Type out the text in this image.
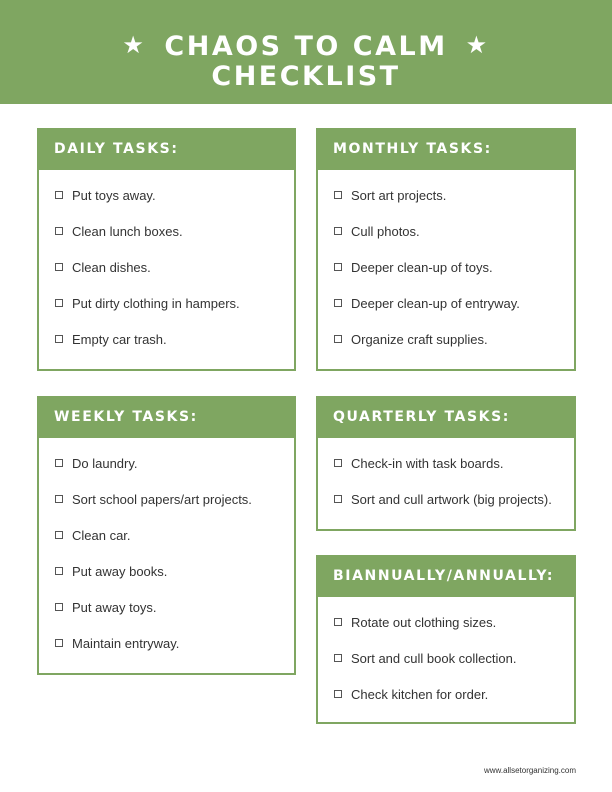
★ CHAOS TO CALM ★
CHECKLIST
DAILY TASKS:
Put toys away.
Clean lunch boxes.
Clean dishes.
Put dirty clothing in hampers.
Empty car trash.
MONTHLY TASKS:
Sort art projects.
Cull photos.
Deeper clean-up of toys.
Deeper clean-up of entryway.
Organize craft supplies.
WEEKLY TASKS:
Do laundry.
Sort school papers/art projects.
Clean car.
Put away books.
Put away toys.
Maintain entryway.
QUARTERLY TASKS:
Check-in with task boards.
Sort and cull artwork (big projects).
BIANNUALLY/ANNUALLY:
Rotate out clothing sizes.
Sort and cull book collection.
Check kitchen for order.
www.allsetorganizing.com
